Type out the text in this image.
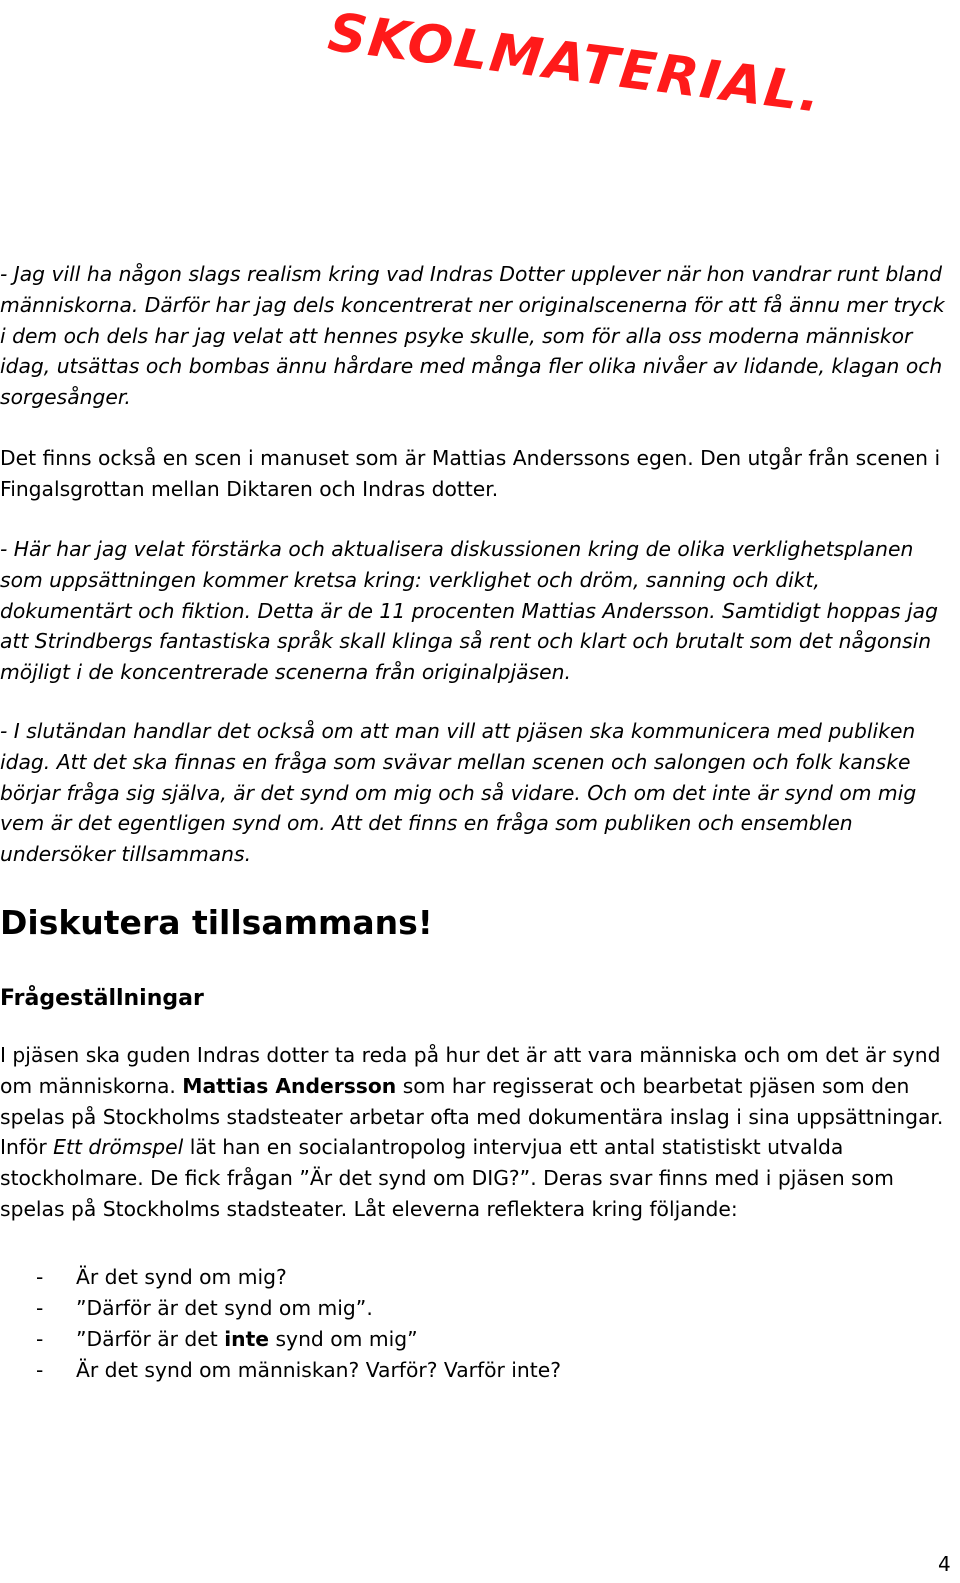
SKOLMATERIAL.

- Jag vill ha någon slags realism kring vad Indras Dotter upplever när hon vandrar runt bland
människorna. Därför har jag dels koncentrerat ner originalscenerna för att få ännu mer tryck
i dem och dels har jag velat att hennes psyke skulle, som för alla oss moderna människor
idag, utsättas och bombas ännu hårdare med många fler olika nivåer av lidande, klagan och
sorgesånger.

Det finns också en scen i manuset som är Mattias Anderssons egen. Den utgår från scenen i
Fingalsgrottan mellan Diktaren och Indras dotter.

- Här har jag velat förstärka och aktualisera diskussionen kring de olika verklighetsplanen
som uppsättningen kommer kretsa kring: verklighet och dröm, sanning och dikt,
dokumentärt och fiktion. Detta är de 11 procenten Mattias Andersson. Samtidigt hoppas jag
att Strindbergs fantastiska språk skall klinga så rent och klart och brutalt som det någonsin
möjligt i de koncentrerade scenerna från originalpjäsen.

- I slutändan handlar det också om att man vill att pjäsen ska kommunicera med publiken
idag. Att det ska finnas en fråga som svävar mellan scenen och salongen och folk kanske
börjar fråga sig själva, är det synd om mig och så vidare. Och om det inte är synd om mig
vem är det egentligen synd om. Att det finns en fråga som publiken och ensemblen
undersöker tillsammans.

Diskutera tillsammans!
Frågeställningar

I pjäsen ska guden Indras dotter ta reda på hur det är att vara människa och om det är synd
om människorna. Mattias Andersson som har regisserat och bearbetat pjäsen som den
spelas på Stockholms stadsteater arbetar ofta med dokumentära inslag i sina uppsättningar.
Inför Ett drömspel lät han en socialantropolog intervjua ett antal statistiskt utvalda
stockholmare. De fick frågan ”Är det synd om DIG?”. Deras svar finns med i pjäsen som
spelas på Stockholms stadsteater. Låt eleverna reflektera kring följande:

- Är det synd om mig?
- ”Därför är det synd om mig”.
- ”Därför är det inte synd om mig”
- Är det synd om människan? Varför? Varför inte?
4
